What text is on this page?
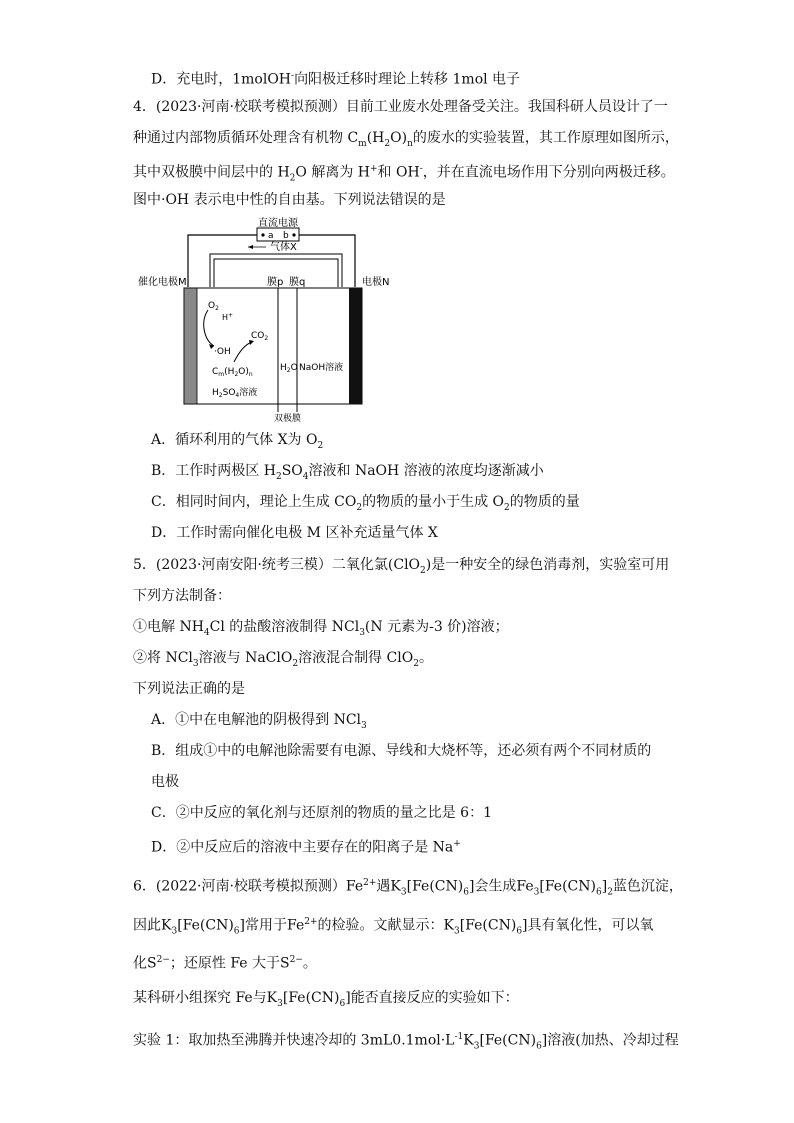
D．充电时，1molOH-向阳极迁移时理论上转移 1mol 电子
4．(2023·河南·校联考模拟预测）目前工业废水处理备受关注。我国科研人员设计了一
种通过内部物质循环处理含有机物 $C_m(H_2O)_n$的废水的实验装置，其工作原理如图所示，
其中双极膜中间层中的 $H_2O$ 解离为 H+和 OH-，并在直流电场作用下分别向两极迁移。
图中·OH 表示电中性的自由基。下列说法错误的是
直流电源
a b
气体X
催化电极M	电极N
膜p 膜q
$H_2O$
$O_2$
H+
·OH
$CO_2$
$C_m(H_2O)_n$
$H_2SO_4$溶液
NaOH溶液
双极膜
A．循环利用的气体 X为 $O_2$
B．工作时两极区 $H_2SO_4$溶液和 NaOH 溶液的浓度均逐渐减小
C．相同时间内，理论上生成 $CO_2$的物质的量小于生成 $O_2$的物质的量
D．工作时需向催化电极 M 区补充适量气体 X
5．(2023·河南安阳·统考三模）二氧化氯(ClO$_2$)是一种安全的绿色消毒剂，实验室可用
下列方法制备：
①电解 $NH_4Cl$ 的盐酸溶液制得 NCl$_3$(N 元素为-3 价)溶液；
②将 NCl$_3$溶液与 NaClO$_2$溶液混合制得 ClO$_2$。
下列说法正确的是
A．①中在电解池的阴极得到 NCl$_3$
B．组成①中的电解池除需要有电源、导线和大烧杯等，还必须有两个不同材质的
电极
C．②中反应的氧化剂与还原剂的物质的量之比是 6：1
D．②中反应后的溶液中主要存在的阳离子是 Na+
6．(2022·河南·校联考模拟预测）$Fe^{2+}$遇$K_3[Fe(CN)_6]$会生成$Fe_3[Fe(CN)_6]_2$蓝色沉淀，
因此$K_3[Fe(CN)_6]$常用于$Fe^{2+}$的检验。文献显示：$K_3[Fe(CN)_6]$具有氧化性，可以氧
化$S^{2-}$；还原性 Fe 大于$S^{2-}$。
某科研小组探究 Fe与$K_3[Fe(CN)_6]$能否直接反应的实验如下：
实验 1：取加热至沸腾并快速冷却的 $3mL0.1mol\cdot L^{-1}K_3[Fe(CN)_6]$溶液(加热、冷却过程
